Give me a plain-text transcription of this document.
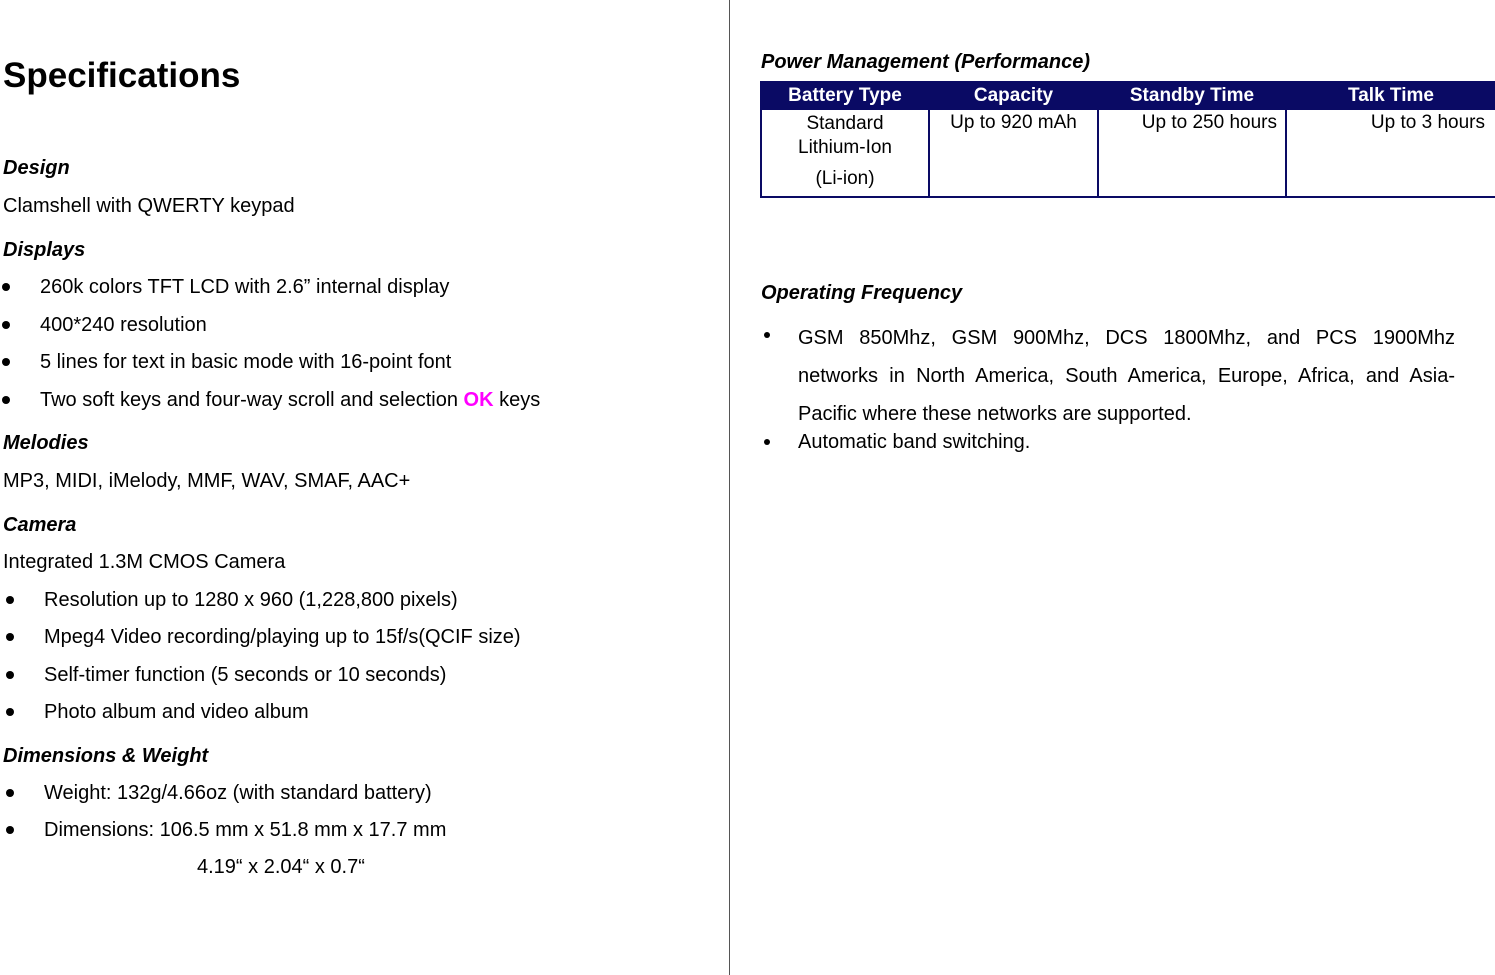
Specifications
Design
Clamshell with QWERTY keypad
Displays
260k colors TFT LCD with 2.6” internal display
400*240 resolution
5 lines for text in basic mode with 16-point font
Two soft keys and four-way scroll and selection OK keys
Melodies
MP3, MIDI, iMelody, MMF, WAV, SMAF, AAC+
Camera
Integrated 1.3M CMOS Camera
Resolution up to 1280 x 960 (1,228,800 pixels)
Mpeg4 Video recording/playing up to 15f/s(QCIF size)
Self-timer function (5 seconds or 10 seconds)
Photo album and video album
Dimensions & Weight
Weight: 132g/4.66oz (with standard battery)
Dimensions: 106.5 mm x 51.8 mm x 17.7 mm
4.19“ x 2.04“ x 0.7“
Power Management (Performance)
Battery Type	Capacity	Standby Time	Talk Time

Standard
Lithium-Ion
(Li-ion)	Up to 920 mAh	Up to 250 hours	Up to 3 hours
Operating Frequency
GSM 850Mhz, GSM 900Mhz, DCS 1800Mhz, and PCS 1900Mhz networks in North America, South America, Europe, Africa, and Asia-Pacific where these networks are supported.
Automatic band switching.
